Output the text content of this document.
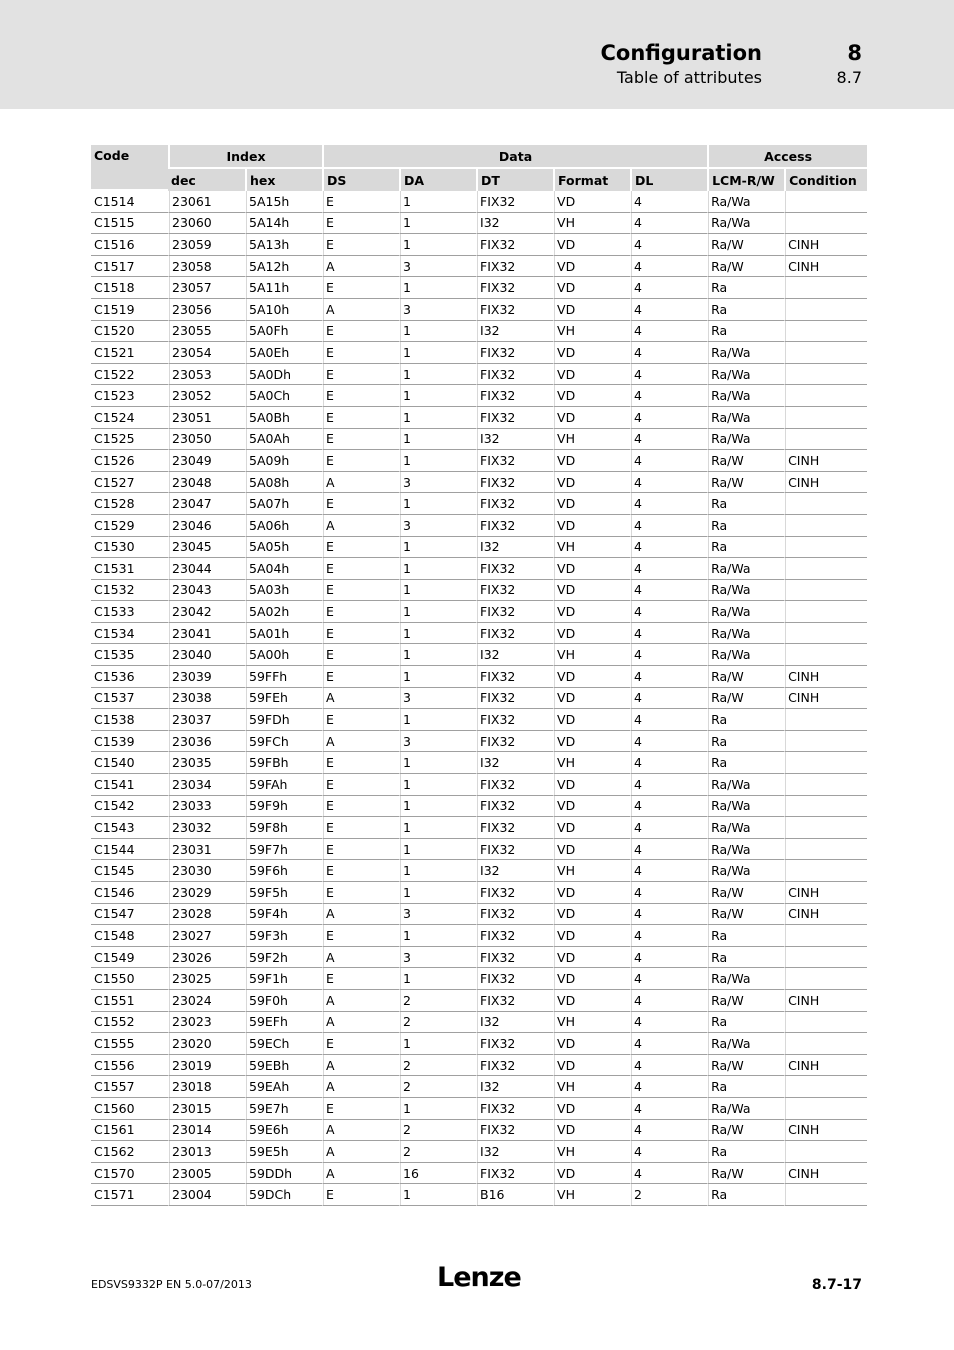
Configuration	8
Table of attributes	8.7
Code	Index		Data					Access	
	dec	hex	DS	DA	DT	Format	DL	LCM-R/W	Condition
C1514	23061	5A15h	E	1	FIX32	VD	4	Ra/Wa	
C1515	23060	5A14h	E	1	I32	VH	4	Ra/Wa	
C1516	23059	5A13h	E	1	FIX32	VD	4	Ra/W	CINH
C1517	23058	5A12h	A	3	FIX32	VD	4	Ra/W	CINH
C1518	23057	5A11h	E	1	FIX32	VD	4	Ra	
C1519	23056	5A10h	A	3	FIX32	VD	4	Ra	
C1520	23055	5A0Fh	E	1	I32	VH	4	Ra	
C1521	23054	5A0Eh	E	1	FIX32	VD	4	Ra/Wa	
C1522	23053	5A0Dh	E	1	FIX32	VD	4	Ra/Wa	
C1523	23052	5A0Ch	E	1	FIX32	VD	4	Ra/Wa	
C1524	23051	5A0Bh	E	1	FIX32	VD	4	Ra/Wa	
C1525	23050	5A0Ah	E	1	I32	VH	4	Ra/Wa	
C1526	23049	5A09h	E	1	FIX32	VD	4	Ra/W	CINH
C1527	23048	5A08h	A	3	FIX32	VD	4	Ra/W	CINH
C1528	23047	5A07h	E	1	FIX32	VD	4	Ra	
C1529	23046	5A06h	A	3	FIX32	VD	4	Ra	
C1530	23045	5A05h	E	1	I32	VH	4	Ra	
C1531	23044	5A04h	E	1	FIX32	VD	4	Ra/Wa	
C1532	23043	5A03h	E	1	FIX32	VD	4	Ra/Wa	
C1533	23042	5A02h	E	1	FIX32	VD	4	Ra/Wa	
C1534	23041	5A01h	E	1	FIX32	VD	4	Ra/Wa	
C1535	23040	5A00h	E	1	I32	VH	4	Ra/Wa	
C1536	23039	59FFh	E	1	FIX32	VD	4	Ra/W	CINH
C1537	23038	59FEh	A	3	FIX32	VD	4	Ra/W	CINH
C1538	23037	59FDh	E	1	FIX32	VD	4	Ra	
C1539	23036	59FCh	A	3	FIX32	VD	4	Ra	
C1540	23035	59FBh	E	1	I32	VH	4	Ra	
C1541	23034	59FAh	E	1	FIX32	VD	4	Ra/Wa	
C1542	23033	59F9h	E	1	FIX32	VD	4	Ra/Wa	
C1543	23032	59F8h	E	1	FIX32	VD	4	Ra/Wa	
C1544	23031	59F7h	E	1	FIX32	VD	4	Ra/Wa	
C1545	23030	59F6h	E	1	I32	VH	4	Ra/Wa	
C1546	23029	59F5h	E	1	FIX32	VD	4	Ra/W	CINH
C1547	23028	59F4h	A	3	FIX32	VD	4	Ra/W	CINH
C1548	23027	59F3h	E	1	FIX32	VD	4	Ra	
C1549	23026	59F2h	A	3	FIX32	VD	4	Ra	
C1550	23025	59F1h	E	1	FIX32	VD	4	Ra/Wa	
C1551	23024	59F0h	A	2	FIX32	VD	4	Ra/W	CINH
C1552	23023	59EFh	A	2	I32	VH	4	Ra	
C1555	23020	59ECh	E	1	FIX32	VD	4	Ra/Wa	
C1556	23019	59EBh	A	2	FIX32	VD	4	Ra/W	CINH
C1557	23018	59EAh	A	2	I32	VH	4	Ra	
C1560	23015	59E7h	E	1	FIX32	VD	4	Ra/Wa	
C1561	23014	59E6h	A	2	FIX32	VD	4	Ra/W	CINH
C1562	23013	59E5h	A	2	I32	VH	4	Ra	
C1570	23005	59DDh	A	16	FIX32	VD	4	Ra/W	CINH
C1571	23004	59DCh	E	1	B16	VH	2	Ra	
EDSVS9332P EN 5.0-07/2013	Lenze	8.7-17
